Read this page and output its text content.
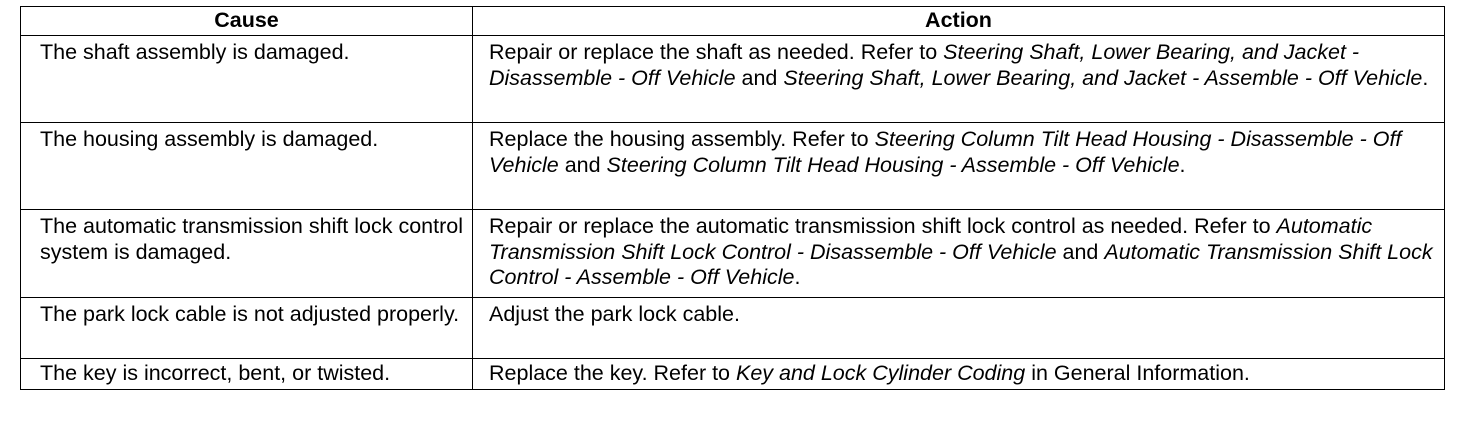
Cause	Action
The shaft assembly is damaged.	Repair or replace the shaft as needed. Refer to Steering Shaft, Lower Bearing, and Jacket - Disassemble - Off Vehicle and Steering Shaft, Lower Bearing, and Jacket - Assemble - Off Vehicle.
The housing assembly is damaged.	Replace the housing assembly. Refer to Steering Column Tilt Head Housing - Disassemble - Off Vehicle and Steering Column Tilt Head Housing - Assemble - Off Vehicle.
The automatic transmission shift lock control system is damaged.	Repair or replace the automatic transmission shift lock control as needed. Refer to Automatic Transmission Shift Lock Control - Disassemble - Off Vehicle and Automatic Transmission Shift Lock Control - Assemble - Off Vehicle.
The park lock cable is not adjusted properly.	Adjust the park lock cable.
The key is incorrect, bent, or twisted.	Replace the key. Refer to Key and Lock Cylinder Coding in General Information.
